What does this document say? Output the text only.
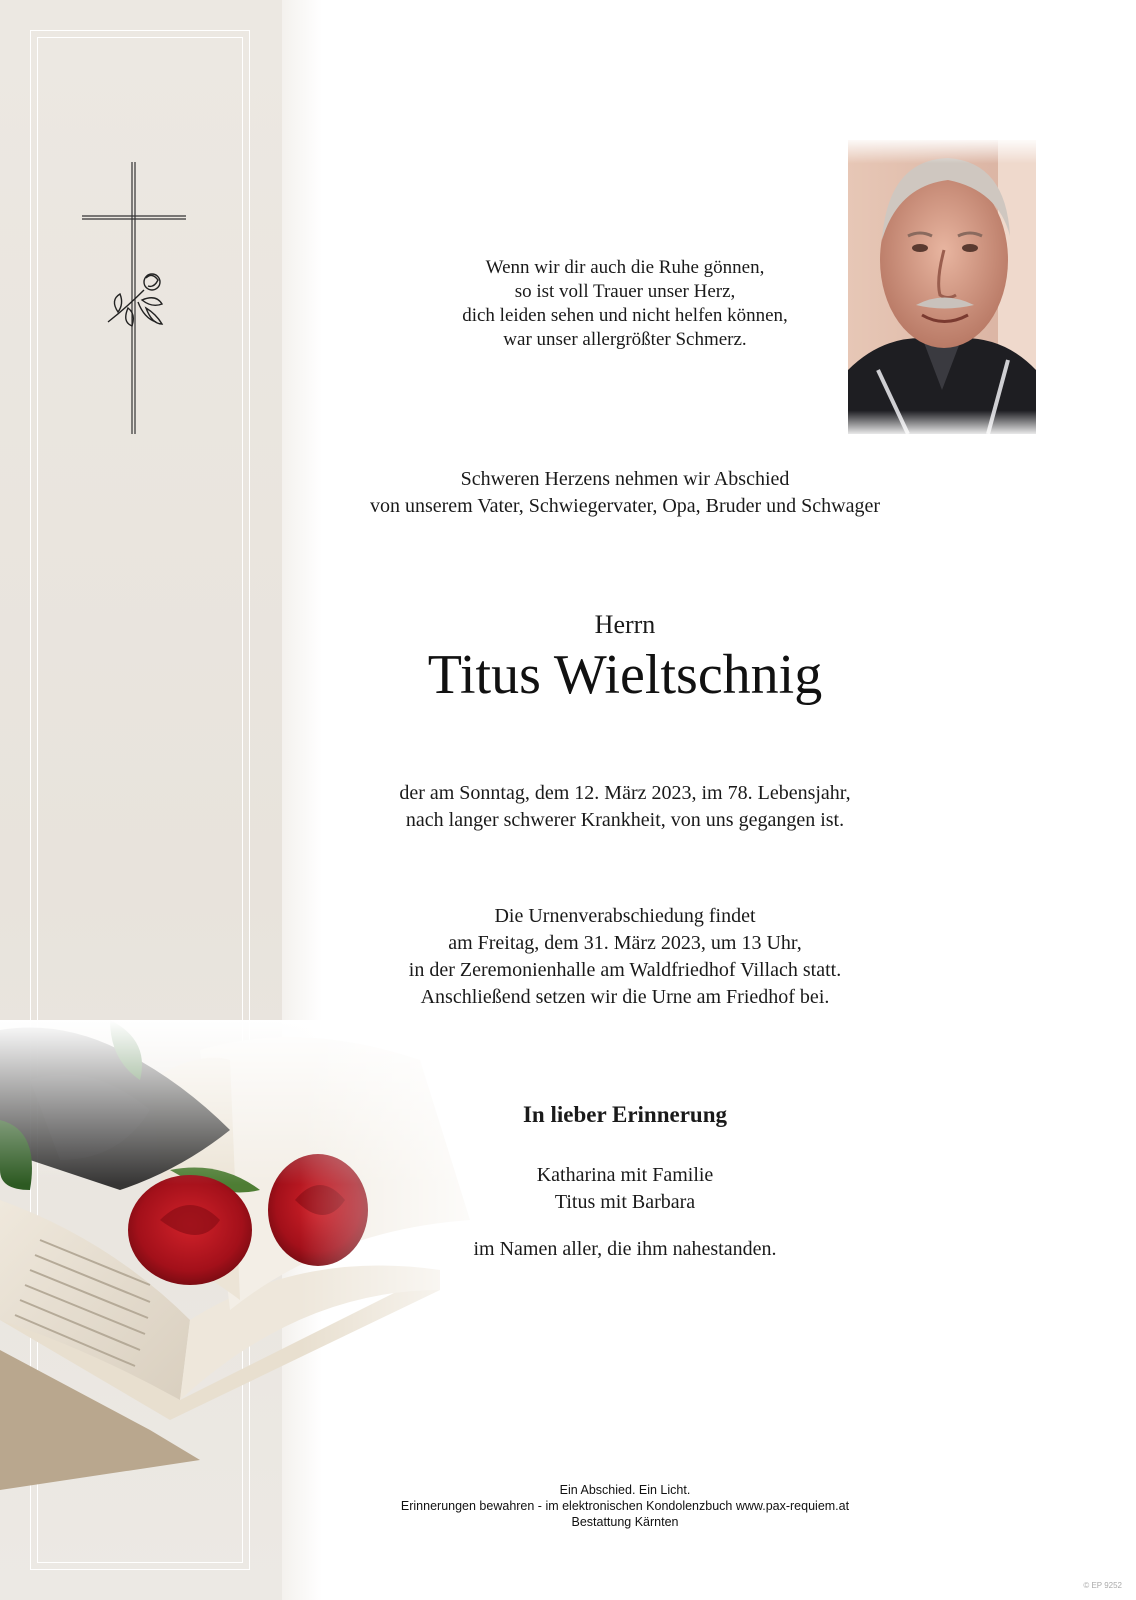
Wenn wir dir auch die Ruhe gönnen,
so ist voll Trauer unser Herz,
dich leiden sehen und nicht helfen können,
war unser allergrößter Schmerz.
Schweren Herzens nehmen wir Abschied
von unserem Vater, Schwiegervater, Opa, Bruder und Schwager
Herrn
Titus Wieltschnig
der am Sonntag, dem 12. März 2023, im 78. Lebensjahr,
nach langer schwerer Krankheit, von uns gegangen ist.
Die Urnenverabschiedung findet
am Freitag, dem 31. März 2023, um 13 Uhr,
in der Zeremonienhalle am Waldfriedhof Villach statt.
Anschließend setzen wir die Urne am Friedhof bei.
In lieber Erinnerung
Katharina mit Familie
Titus mit Barbara
im Namen aller, die ihm nahestanden.
Ein Abschied. Ein Licht.
Erinnerungen bewahren - im elektronischen Kondolenzbuch www.pax-requiem.at
Bestattung Kärnten
© EP 9252
